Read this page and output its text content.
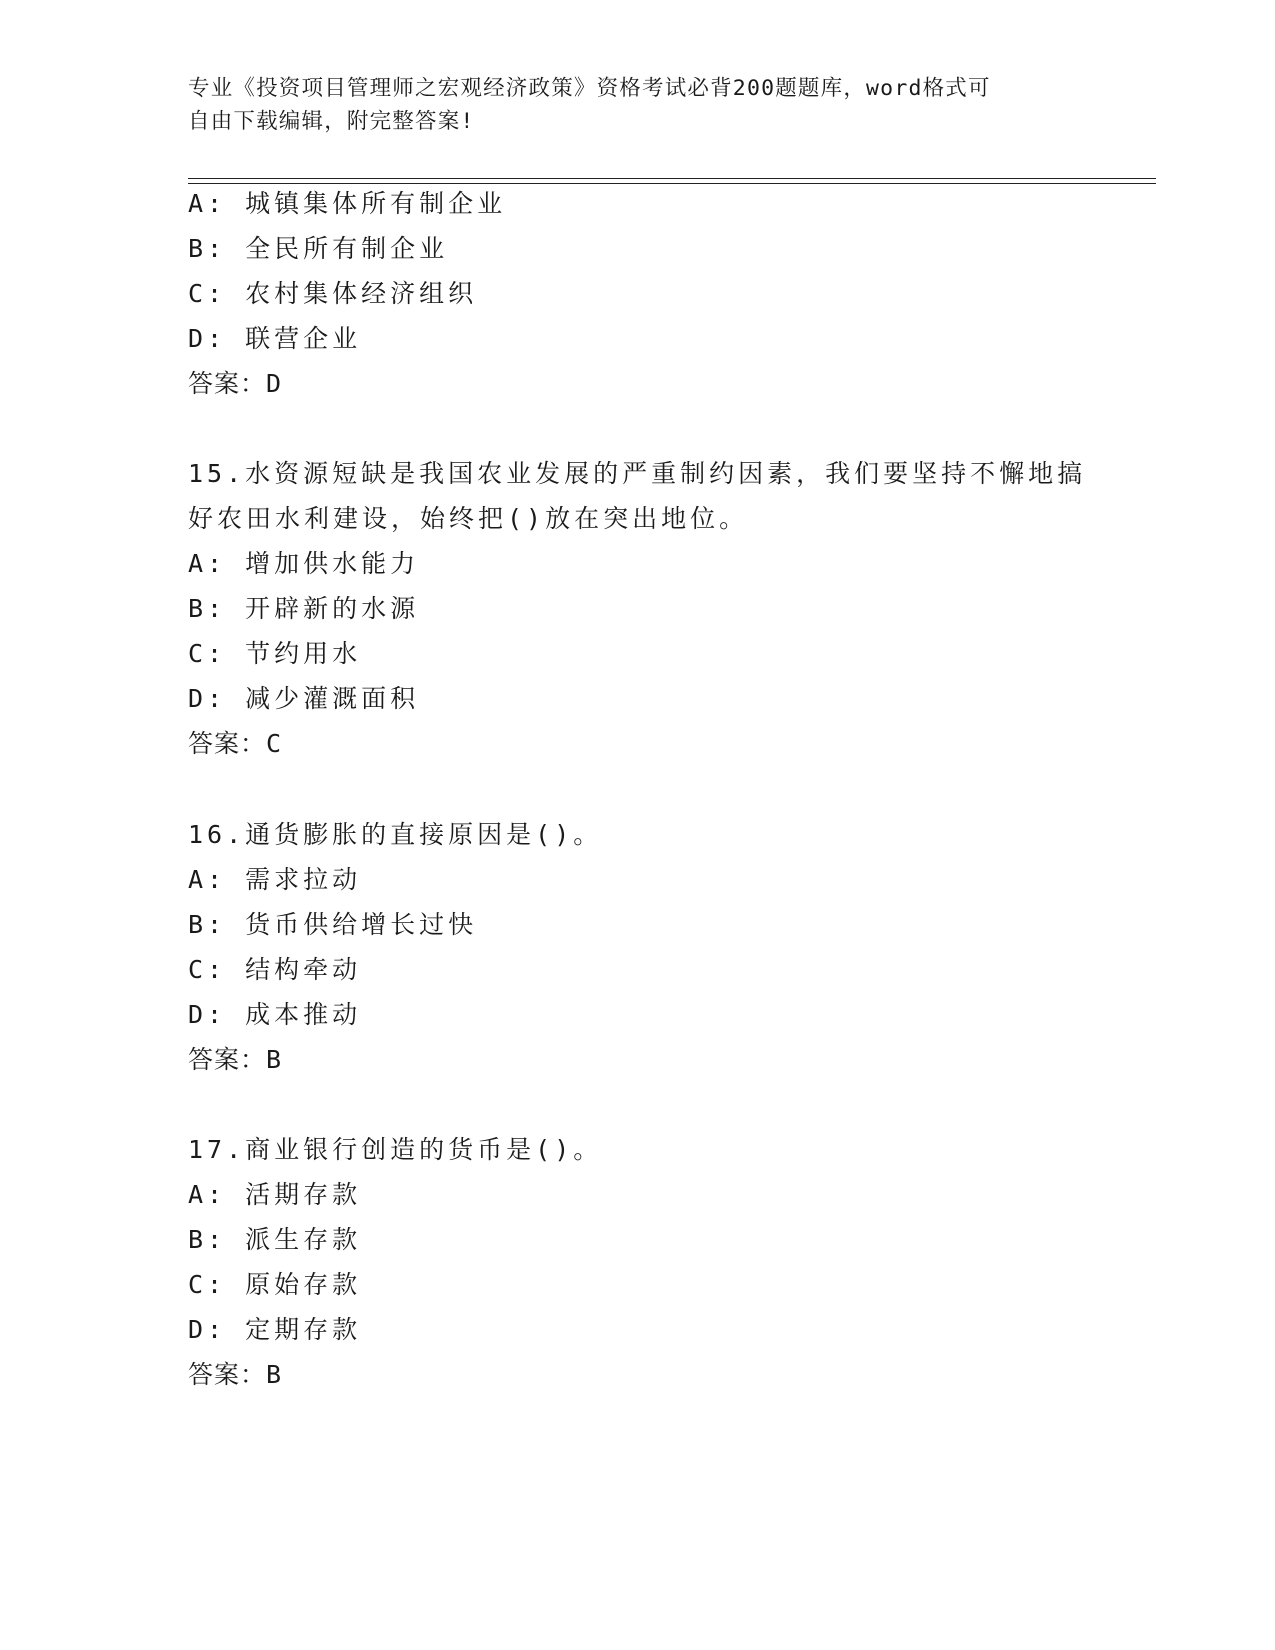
专业《投资项目管理师之宏观经济政策》资格考试必背200题题库，word格式可
自由下载编辑，附完整答案!
A: 城镇集体所有制企业
B: 全民所有制企业
C: 农村集体经济组织
D: 联营企业
答案：D
15.水资源短缺是我国农业发展的严重制约因素，我们要坚持不懈地搞
好农田水利建设，始终把()放在突出地位。
A: 增加供水能力
B: 开辟新的水源
C: 节约用水
D: 减少灌溉面积
答案：C
16.通货膨胀的直接原因是()。
A: 需求拉动
B: 货币供给增长过快
C: 结构牵动
D: 成本推动
答案：B
17.商业银行创造的货币是()。
A: 活期存款
B: 派生存款
C: 原始存款
D: 定期存款
答案：B
